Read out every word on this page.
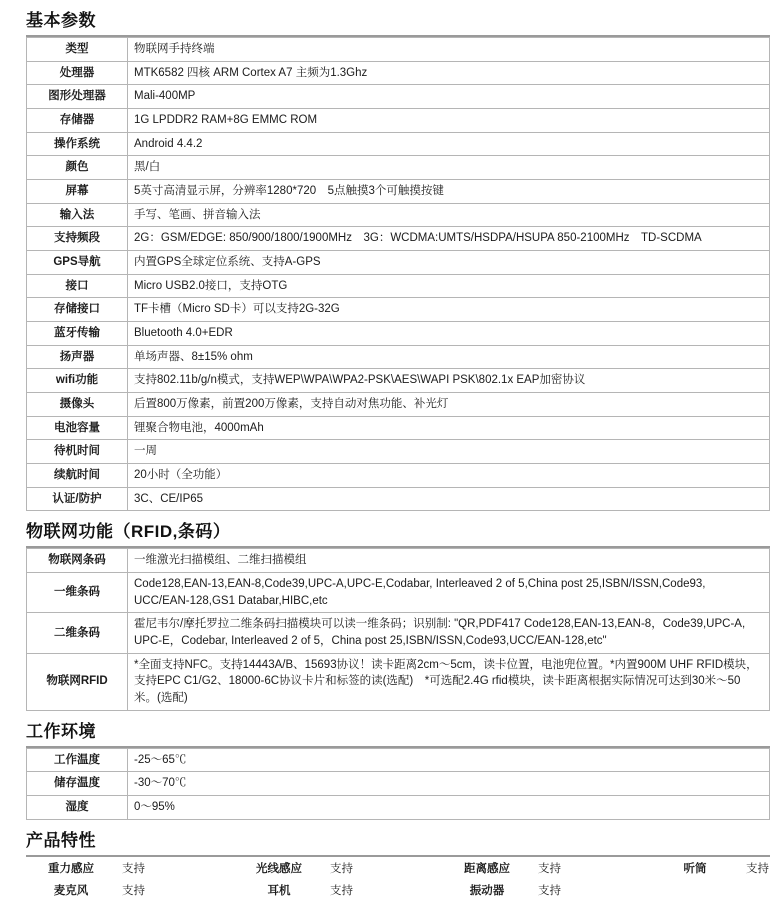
基本参数
类型	物联网手持终端
处理器	MTK6582 四核 ARM Cortex A7 主频为1.3Ghz
图形处理器	Mali-400MP
存储器	1G LPDDR2 RAM+8G EMMC ROM
操作系统	Android 4.4.2
颜色	黑/白
屏幕	5英寸高清显示屏，分辨率1280*720　5点触摸3个可触摸按键
输入法	手写、笔画、拼音输入法
支持频段	2G：GSM/EDGE: 850/900/1800/1900MHz　3G：WCDMA:UMTS/HSDPA/HSUPA 850-2100MHz　TD-SCDMA
GPS导航	内置GPS全球定位系统、支持A-GPS
接口	Micro USB2.0接口，支持OTG
存储接口	TF卡槽（Micro SD卡）可以支持2G-32G
蓝牙传输	Bluetooth 4.0+EDR
扬声器	单场声器、8±15% ohm
wifi功能	支持802.11b/g/n模式，支持WEP\WPA\WPA2-PSK\AES\WAPI PSK\802.1x EAP加密协议
摄像头	后置800万像素，前置200万像素，支持自动对焦功能、补光灯
电池容量	锂聚合物电池，4000mAh
待机时间	一周
续航时间	20小时（全功能）
认证/防护	3C、CE/IP65
物联网功能（RFID,条码）
物联网条码	一维激光扫描模组、二维扫描模组
一维条码	Code128,EAN-13,EAN-8,Code39,UPC-A,UPC-E,Codabar, Interleaved 2 of 5,China post 25,ISBN/ISSN,Code93, UCC/EAN-128,GS1 Databar,HIBC,etc
二维条码	霍尼韦尔/摩托罗拉二维条码扫描模块可以读一维条码；识别制: "QR,PDF417 Code128,EAN-13,EAN-8，Code39,UPC-A, UPC-E，Codebar, Interleaved 2 of 5，China post 25,ISBN/ISSN,Code93,UCC/EAN-128,etc"
物联网RFID	*全面支持NFC。支持14443A/B、15693协议！读卡距离2cm～5cm，读卡位置，电池兜位置。*内置900M UHF RFID模块，支持EPC C1/G2、18000-6C协议卡片和标签的读(选配)　*可选配2.4G rfid模块，读卡距离根据实际情况可达到30米～50米。(选配)
工作环境
工作温度	-25～65℃
储存温度	-30～70℃
湿度	0～95%
产品特性
重力感应	支持	光线感应	支持	距离感应	支持	听筒	支持
麦克风	支持	耳机	支持	振动器	支持		
